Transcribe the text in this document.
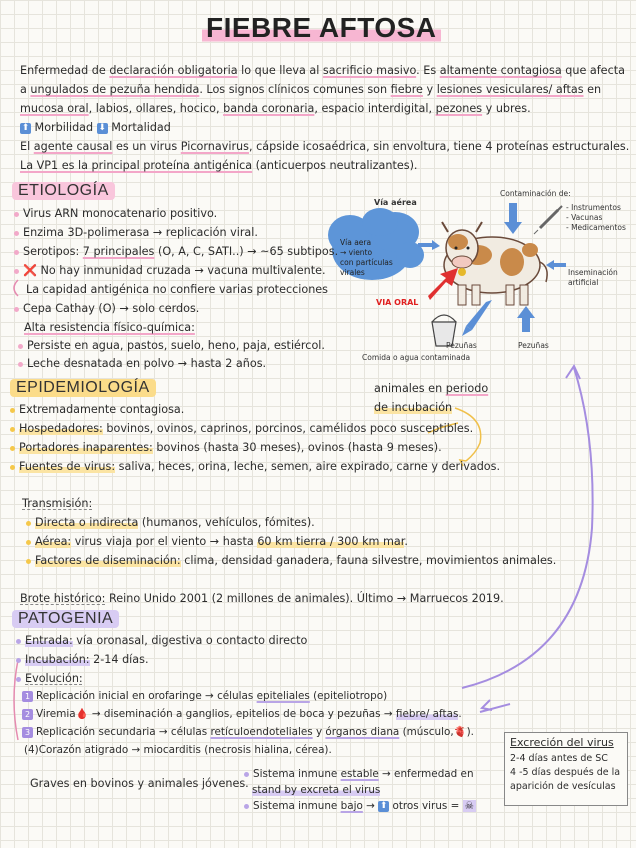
FIEBRE AFTOSA
Enfermedad de declaración obligatoria lo que lleva al sacrificio masivo. Es altamente contagiosa que afecta
a ungulados de pezuña hendida. Los signos clínicos comunes son fiebre y lesiones vesiculares/ aftas en
mucosa oral, labios, ollares, hocico, banda coronaria, espacio interdigital, pezones y ubres.
⬆ Morbilidad ⬇ Mortalidad
El agente causal es un virus Picornavirus, cápside icosaédrica, sin envoltura, tiene 4 proteínas estructurales.
La VP1 es la principal proteína antigénica (anticuerpos neutralizantes).
ETIOLOGÍA
Virus ARN monocatenario positivo.
Enzima 3D-polimerasa → replicación viral.
Serotipos: 7 principales (O, A, C, SATI..) → ~65 subtipos.
❌ No hay inmunidad cruzada → vacuna multivalente.
La capidad antigénica no confiere varias protecciones
Cepa Cathay (O) → solo cerdos.
Alta resistencia físico-química:
Persiste en agua, pastos, suelo, heno, paja, estiércol.
Leche desnatada en polvo → hasta 2 años.
Vía aérea
Vía aera
→ viento
con partículas
virales
Contaminación de:
- Instrumentos
- Vacunas
- Medicamentos
Inseminación
artificial
VIA ORAL
Pezuñas	Pezuñas
Comida o agua contaminada
EPIDEMIOLOGÍA	animales en periodo
de incubación
Extremadamente contagiosa.
Hospedadores: bovinos, ovinos, caprinos, porcinos, camélidos poco susceptibles.
Portadores inaparentes: bovinos (hasta 30 meses), ovinos (hasta 9 meses).
Fuentes de virus: saliva, heces, orina, leche, semen, aire expirado, carne y derivados.
Transmisión:
Directa o indirecta (humanos, vehículos, fómites).
Aérea: virus viaja por el viento → hasta 60 km tierra / 300 km mar.
Factores de diseminación: clima, densidad ganadera, fauna silvestre, movimientos animales.
Brote histórico: Reino Unido 2001 (2 millones de animales). Último → Marruecos 2019.
PATOGENIA
Entrada: vía oronasal, digestiva o contacto directo
Incubación: 2-14 días.
Evolución:
1 Replicación inicial en orofaringe → células epiteliales (epiteliotropo)
2 Viremia🩸 → diseminación a ganglios, epitelios de boca y pezuñas → fiebre/ aftas.
3 Replicación secundaria → células retículoendoteliales y órganos diana (músculo,🫀).
(4)Corazón atigrado → miocarditis (necrosis hialina, cérea).
Graves en bovinos y animales jóvenes.
Sistema inmune estable → enfermedad en
stand by excreta el virus
Sistema inmune bajo → ⬆ otros virus = ☠
Excreción del virus
2-4 días antes de SC
4 -5 días después de la
aparición de vesículas
